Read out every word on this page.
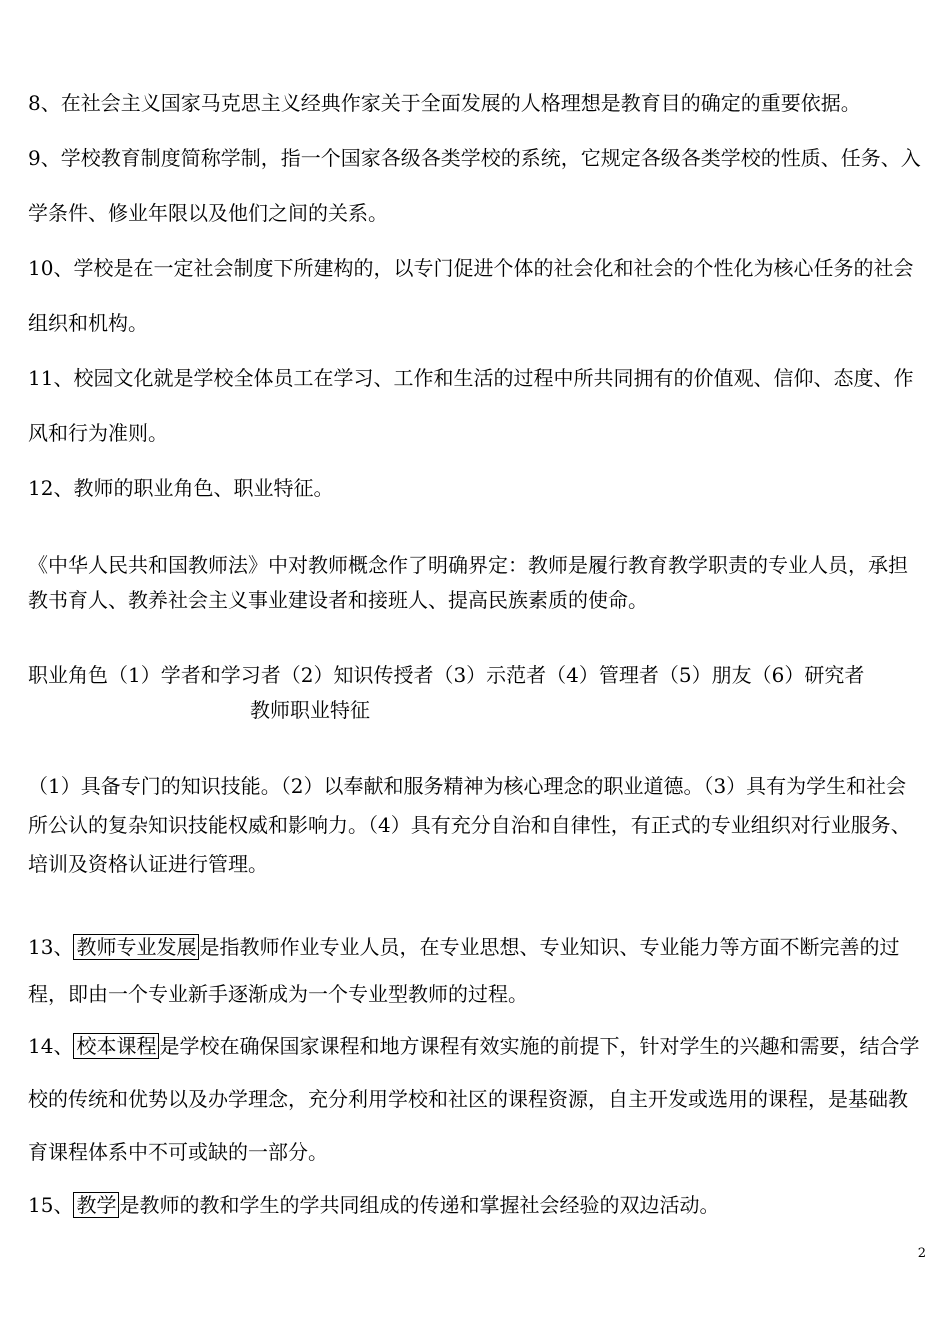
8、在社会主义国家马克思主义经典作家关于全面发展的人格理想是教育目的确定的重要依据。
9、学校教育制度简称学制，指一个国家各级各类学校的系统，它规定各级各类学校的性质、任务、入学条件、修业年限以及他们之间的关系。
10、学校是在一定社会制度下所建构的，以专门促进个体的社会化和社会的个性化为核心任务的社会组织和机构。
11、校园文化就是学校全体员工在学习、工作和生活的过程中所共同拥有的价值观、信仰、态度、作风和行为准则。
12、教师的职业角色、职业特征。

《中华人民共和国教师法》中对教师概念作了明确界定：教师是履行教育教学职责的专业人员，承担教书育人、教养社会主义事业建设者和接班人、提高民族素质的使命。

职业角色（1）学者和学习者（2）知识传授者（3）示范者（4）管理者（5）朋友（6）研究者教师职业特征

（1）具备专门的知识技能。（2）以奉献和服务精神为核心理念的职业道德。（3）具有为学生和社会所公认的复杂知识技能权威和影响力。（4）具有充分自治和自律性，有正式的专业组织对行业服务、培训及资格认证进行管理。

13、 教师专业发展 是指教师作业专业人员，在专业思想、专业知识、专业能力等方面不断完善的过程，即由一个专业新手逐渐成为一个专业型教师的过程。
14、 校本课程 是学校在确保国家课程和地方课程有效实施的前提下，针对学生的兴趣和需要，结合学校的传统和优势以及办学理念，充分利用学校和社区的课程资源，自主开发或选用的课程，是基础教育课程体系中不可或缺的一部分。
15、 教学 是教师的教和学生的学共同组成的传递和掌握社会经验的双边活动。
2
